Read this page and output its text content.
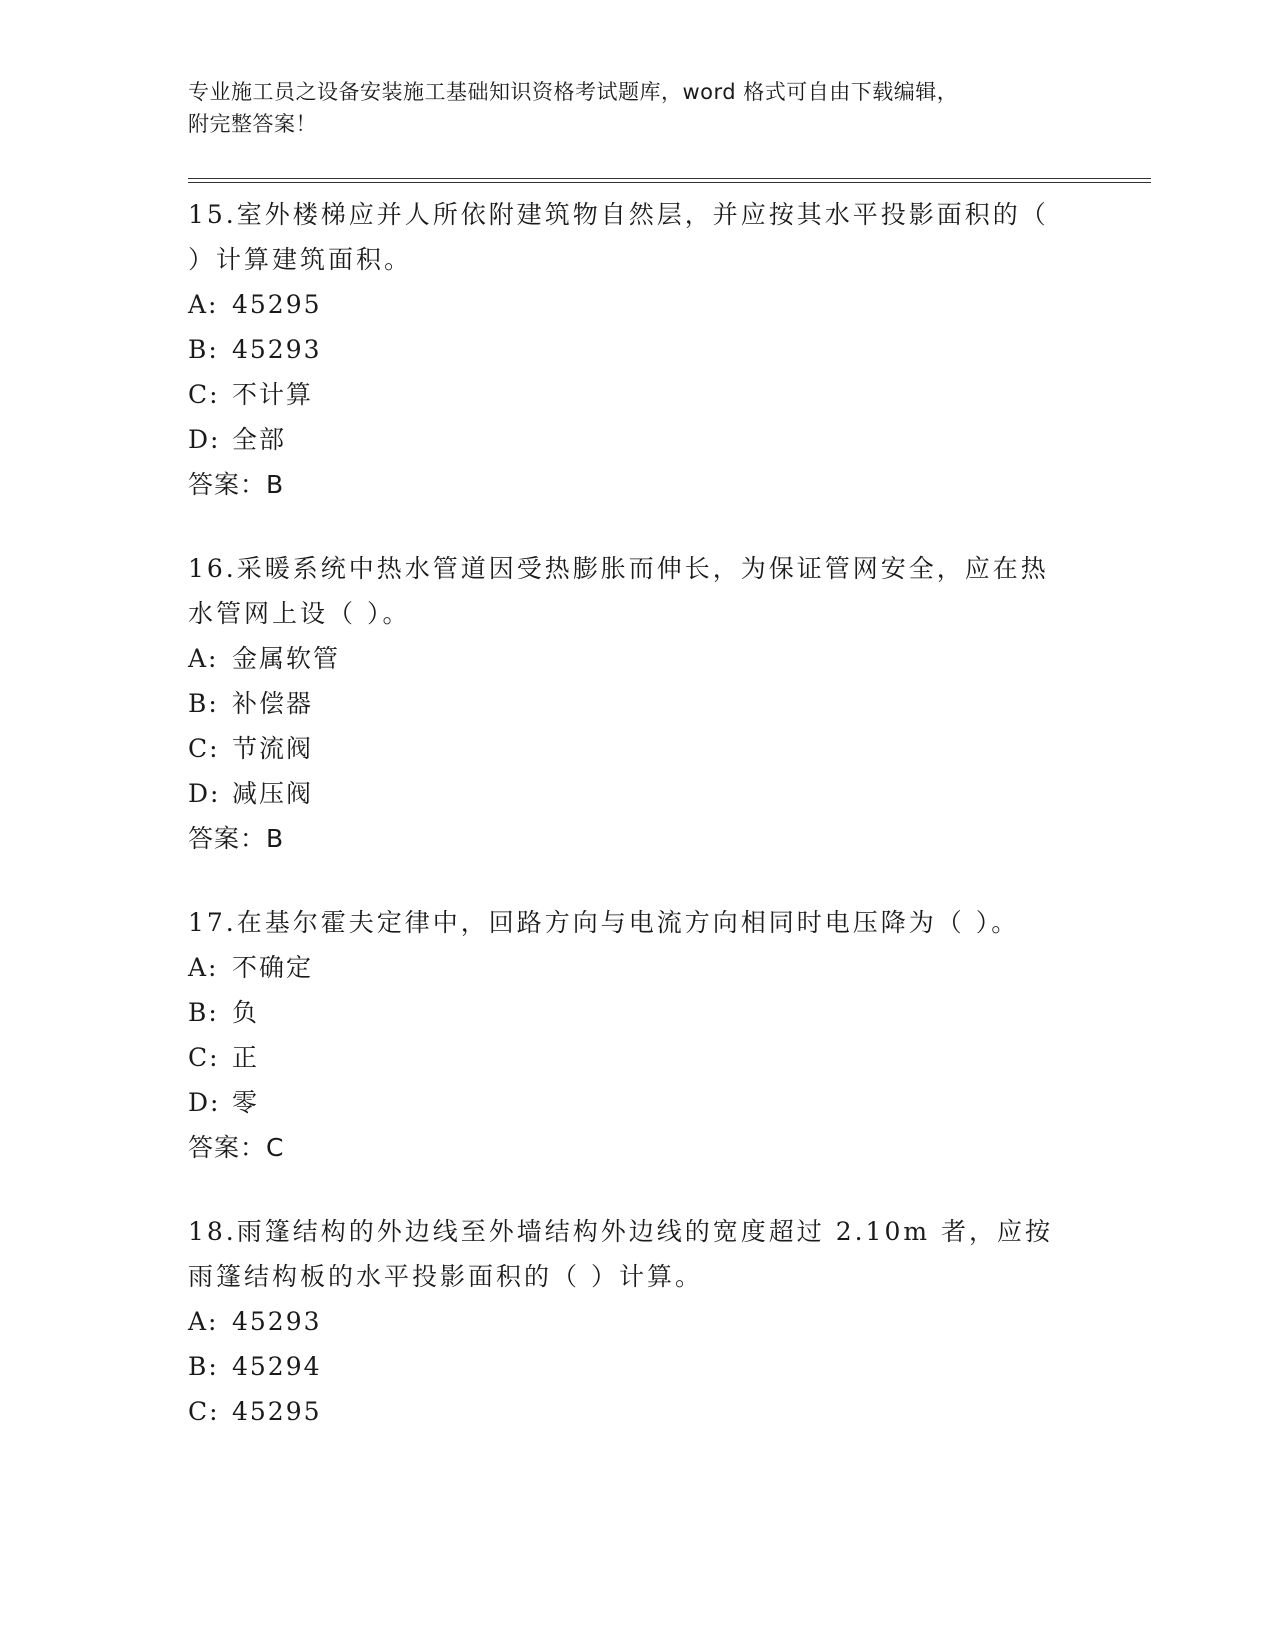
专业施工员之设备安装施工基础知识资格考试题库，word 格式可自由下载编辑，
附完整答案！

15.室外楼梯应并人所依附建筑物自然层，并应按其水平投影面积的（ ）计算建筑面积。

A: 45295

B: 45293

C: 不计算

D: 全部

答案：B

16.采暖系统中热水管道因受热膨胀而伸长，为保证管网安全，应在热水管网上设（ ）。

A: 金属软管

B: 补偿器

C: 节流阀

D: 减压阀

答案：B

17.在基尔霍夫定律中，回路方向与电流方向相同时电压降为（ ）。

A: 不确定

B: 负

C: 正

D: 零

答案：C

18.雨篷结构的外边线至外墙结构外边线的宽度超过 2.10m 者，应按雨篷结构板的水平投影面积的（ ）计算。

A: 45293

B: 45294

C: 45295
